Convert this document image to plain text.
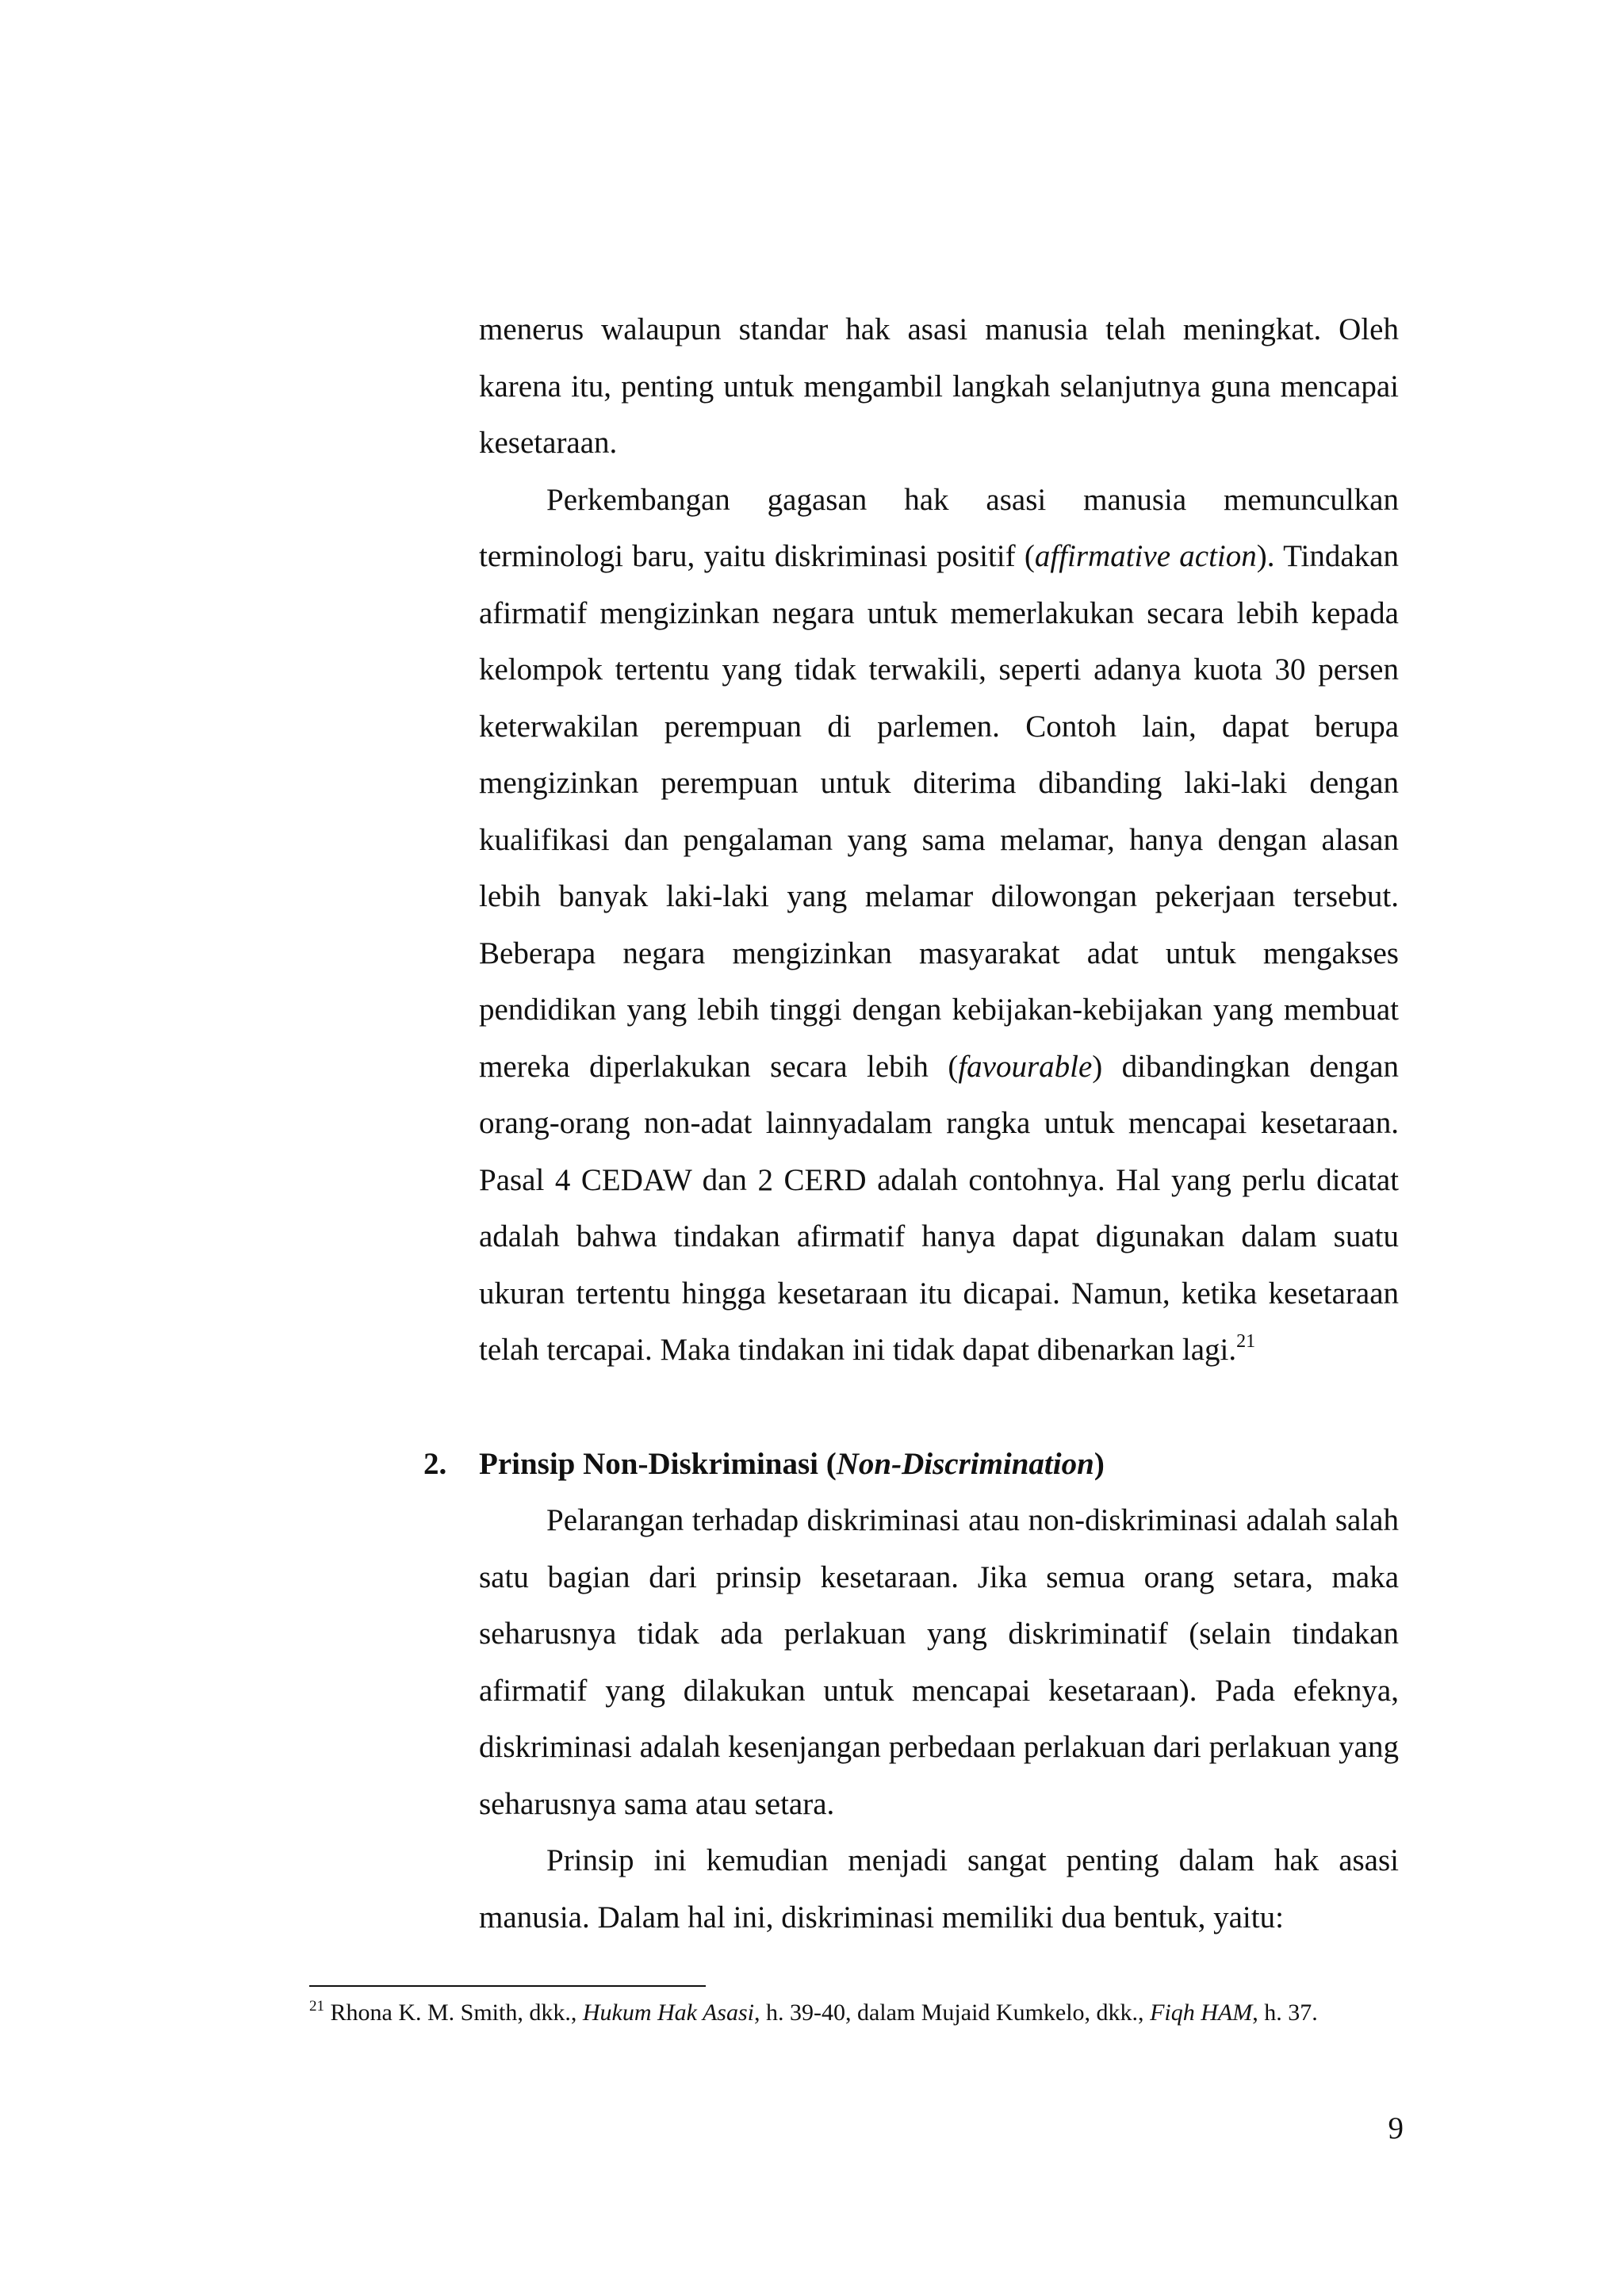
menerus walaupun standar hak asasi manusia telah meningkat. Oleh karena itu, penting untuk mengambil langkah selanjutnya guna mencapai kesetaraan.

Perkembangan gagasan hak asasi manusia memunculkan terminologi baru, yaitu diskriminasi positif (affirmative action). Tindakan afirmatif mengizinkan negara untuk memerlakukan secara lebih kepada kelompok tertentu yang tidak terwakili, seperti adanya kuota 30 persen keterwakilan perempuan di parlemen. Contoh lain, dapat berupa mengizinkan perempuan untuk diterima dibanding laki-laki dengan kualifikasi dan pengalaman yang sama melamar, hanya dengan alasan lebih banyak laki-laki yang melamar dilowongan pekerjaan tersebut. Beberapa negara mengizinkan masyarakat adat untuk mengakses pendidikan yang lebih tinggi dengan kebijakan-kebijakan yang membuat mereka diperlakukan secara lebih (favourable) dibandingkan dengan orang-orang non-adat lainnyadalam rangka untuk mencapai kesetaraan. Pasal 4 CEDAW dan 2 CERD adalah contohnya. Hal yang perlu dicatat adalah bahwa tindakan afirmatif hanya dapat digunakan dalam suatu ukuran tertentu hingga kesetaraan itu dicapai. Namun, ketika kesetaraan telah tercapai. Maka tindakan ini tidak dapat dibenarkan lagi.$^{21}$

2. Prinsip Non-Diskriminasi (Non-Discrimination)

Pelarangan terhadap diskriminasi atau non-diskriminasi adalah salah satu bagian dari prinsip kesetaraan. Jika semua orang setara, maka seharusnya tidak ada perlakuan yang diskriminatif (selain tindakan afirmatif yang dilakukan untuk mencapai kesetaraan). Pada efeknya, diskriminasi adalah kesenjangan perbedaan perlakuan dari perlakuan yang seharusnya sama atau setara.

Prinsip ini kemudian menjadi sangat penting dalam hak asasi manusia. Dalam hal ini, diskriminasi memiliki dua bentuk, yaitu:

$^{21}$ Rhona K. M. Smith, dkk., Hukum Hak Asasi, h. 39-40, dalam Mujaid Kumkelo, dkk., Fiqh HAM, h. 37.
9
